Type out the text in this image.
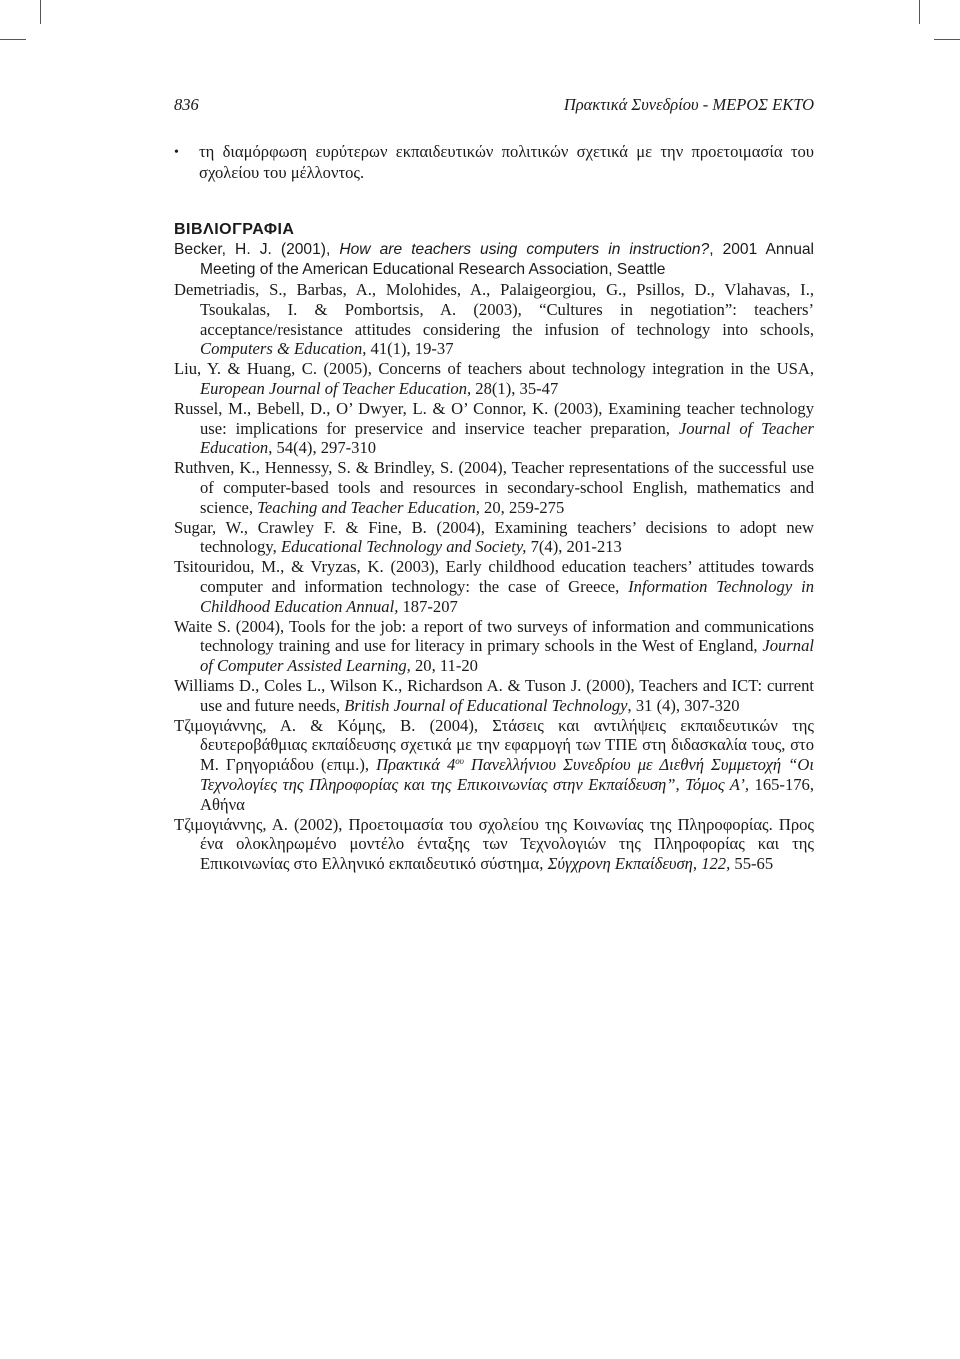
836	Πρακτικά Συνεδρίου - ΜΕΡΟΣ ΕΚΤΟ
• τη διαμόρφωση ευρύτερων εκπαιδευτικών πολιτικών σχετικά με την προετοιμασία του σχολείου του μέλλοντος.
ΒΙΒΛΙΟΓΡΑΦΙΑ
Becker, H. J. (2001), How are teachers using computers in instruction?, 2001 Annual Meeting of the American Educational Research Association, Seattle
Demetriadis, S., Barbas, A., Molohides, A., Palaigeorgiou, G., Psillos, D., Vlahavas, I., Tsoukalas, I. & Pombortsis, A. (2003), “Cultures in negotiation”: teachers’ acceptance/resistance attitudes considering the infusion of technology into schools, Computers & Education, 41(1), 19-37
Liu, Y. & Huang, C. (2005), Concerns of teachers about technology integration in the USA, European Journal of Teacher Education, 28(1), 35-47
Russel, M., Bebell, D., O’ Dwyer, L. & O’ Connor, K. (2003), Examining teacher technology use: implications for preservice and inservice teacher preparation, Journal of Teacher Education, 54(4), 297-310
Ruthven, K., Hennessy, S. & Brindley, S. (2004), Teacher representations of the successful use of computer-based tools and resources in secondary-school English, mathematics and science, Teaching and Teacher Education, 20, 259-275
Sugar, W., Crawley F. & Fine, B. (2004), Examining teachers’ decisions to adopt new technology, Educational Technology and Society, 7(4), 201-213
Tsitouridou, M., & Vryzas, K. (2003), Early childhood education teachers’ attitudes towards computer and information technology: the case of Greece, Information Technology in Childhood Education Annual, 187-207
Waite S. (2004), Tools for the job: a report of two surveys of information and communications technology training and use for literacy in primary schools in the West of England, Journal of Computer Assisted Learning, 20, 11-20
Williams D., Coles L., Wilson K., Richardson A. & Tuson J. (2000), Teachers and ICT: current use and future needs, British Journal of Educational Technology, 31 (4), 307-320
Τζιμογιάννης, Α. & Κόμης, Β. (2004), Στάσεις και αντιλήψεις εκπαιδευτικών της δευτεροβάθμιας εκπαίδευσης σχετικά με την εφαρμογή των ΤΠΕ στη διδασκαλία τους, στο Μ. Γρηγοριάδου (επιμ.), Πρακτικά $4^{o\upsilon}$ Πανελλήνιου Συνεδρίου με Διεθνή Συμμετοχή “Οι Τεχνολογίες της Πληροφορίας και της Επικοινωνίας στην Εκπαίδευση”, Τόμος Α’, 165-176, Αθήνα
Τζιμογιάννης, Α. (2002), Προετοιμασία του σχολείου της Κοινωνίας της Πληροφορίας. Προς ένα ολοκληρωμένο μοντέλο ένταξης των Τεχνολογιών της Πληροφορίας και της Επικοινωνίας στο Ελληνικό εκπαιδευτικό σύστημα, Σύγχρονη Εκπαίδευση, 122, 55-65
